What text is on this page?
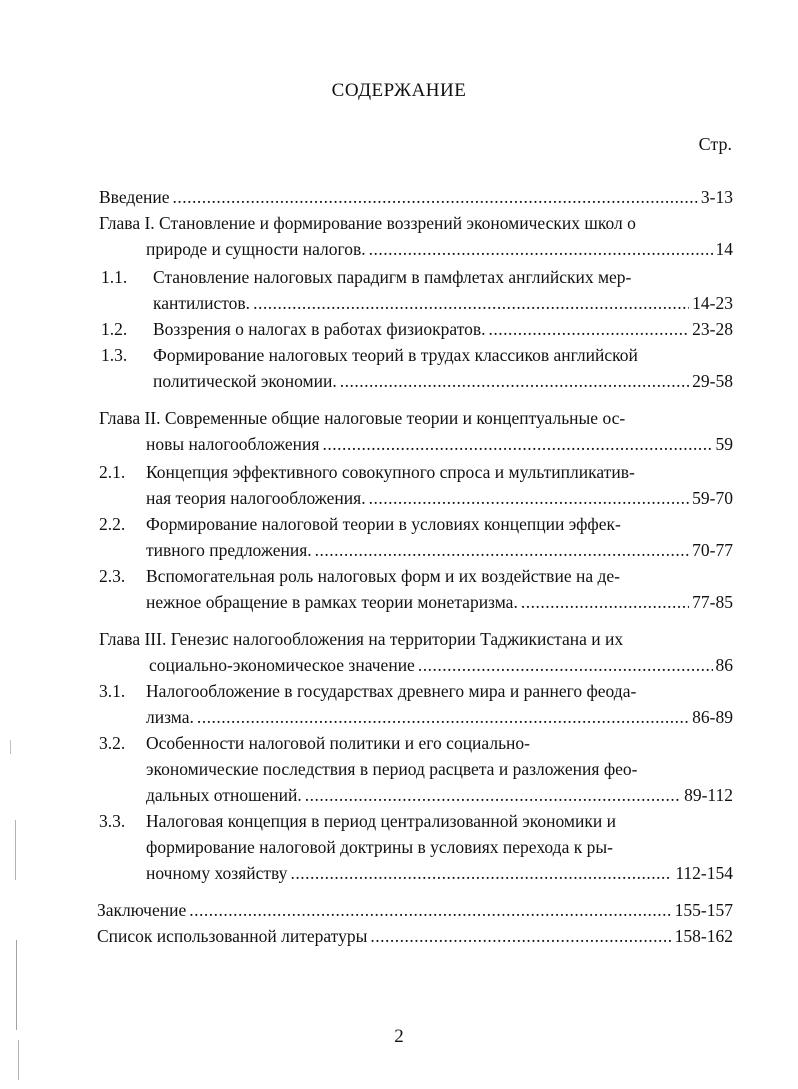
СОДЕРЖАНИЕ
Стр.
Введение .....	3-13
Глава I. Становление и формирование воззрений экономических школ о
природе и сущности налогов. .....	14
1.1. Становление налоговых парадигм в памфлетах английских мер-
кантилистов. .....	14-23
1.2. Воззрения о налогах в работах физиократов. .....	23-28
1.3. Формирование налоговых теорий в трудах классиков английской
политической экономии. .....	29-58
Глава II. Современные общие налоговые теории и концептуальные ос-
новы налогообложения .....	59
2.1. Концепция эффективного совокупного спроса и мультипликатив-
ная теория налогообложения. .....	59-70
2.2. Формирование налоговой теории в условиях концепции эффек-
тивного предложения. .....	70-77
2.3. Вспомогательная роль налоговых форм и их воздействие на де-
нежное обращение в рамках теории монетаризма. .....	77-85
Глава III. Генезис налогообложения на территории Таджикистана и их
социально-экономическое значение .....	86
3.1. Налогообложение в государствах древнего мира и раннего феода-
лизма. .....	86-89
3.2. Особенности налоговой политики и его социально-
экономические последствия в период расцвета и разложения фео-
дальных отношений. .....	89-112
3.3. Налоговая концепция в период централизованной экономики и
формирование налоговой доктрины в условиях перехода к ры-
ночному хозяйству .....	112-154
Заключение .....	155-157
Список использованной литературы .....	158-162
2
